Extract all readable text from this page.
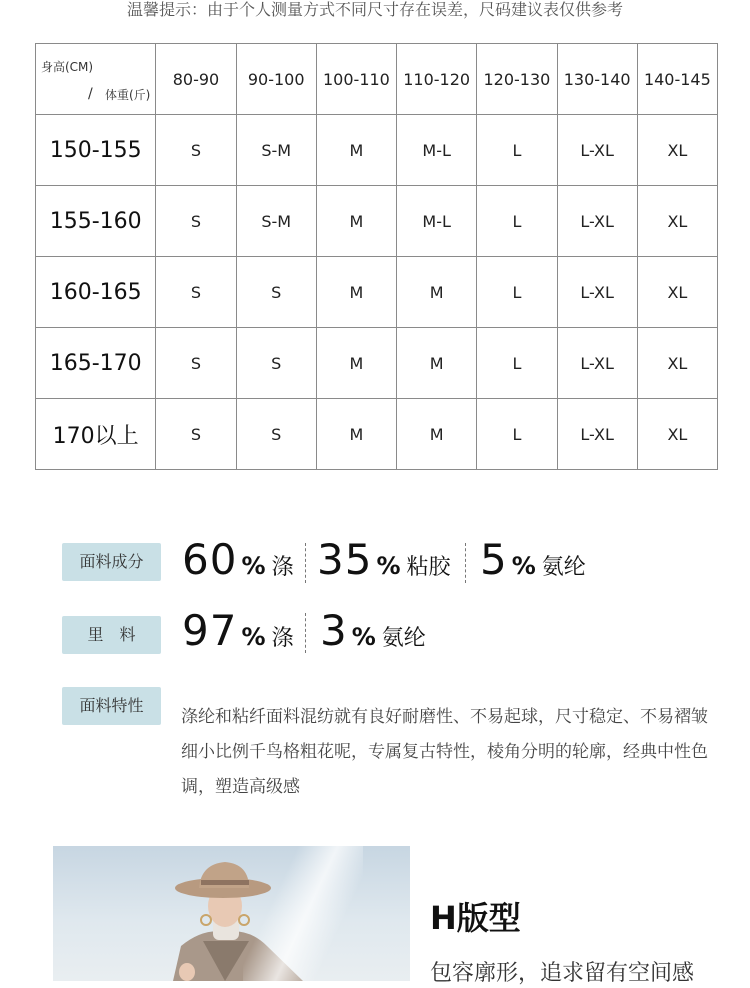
温馨提示：由于个人测量方式不同尺寸存在误差，尺码建议表仅供参考
身高(CM)
/ 体重(斤)	80-90	90-100	100-110	110-120	120-130	130-140	140-145
150-155	S	S-M	M	M-L	L	L-XL	XL
155-160	S	S-M	M	M-L	L	L-XL	XL
160-165	S	S	M	M	L	L-XL	XL
165-170	S	S	M	M	L	L-XL	XL
170以上	S	S	M	M	L	L-XL	XL
面料成分 60 % 涤 35 % 粘胶 5 % 氨纶
里　料	97 % 涤 3 % 氨纶
面料特性
涤纶和粘纤面料混纺就有良好耐磨性、不易起球，尺寸稳定、不易褶皱 细小比例千鸟格粗花呢，专属复古特性，棱角分明的轮廓，经典中性色调，塑造高级感
H版型
包容廓形，追求留有空间感
